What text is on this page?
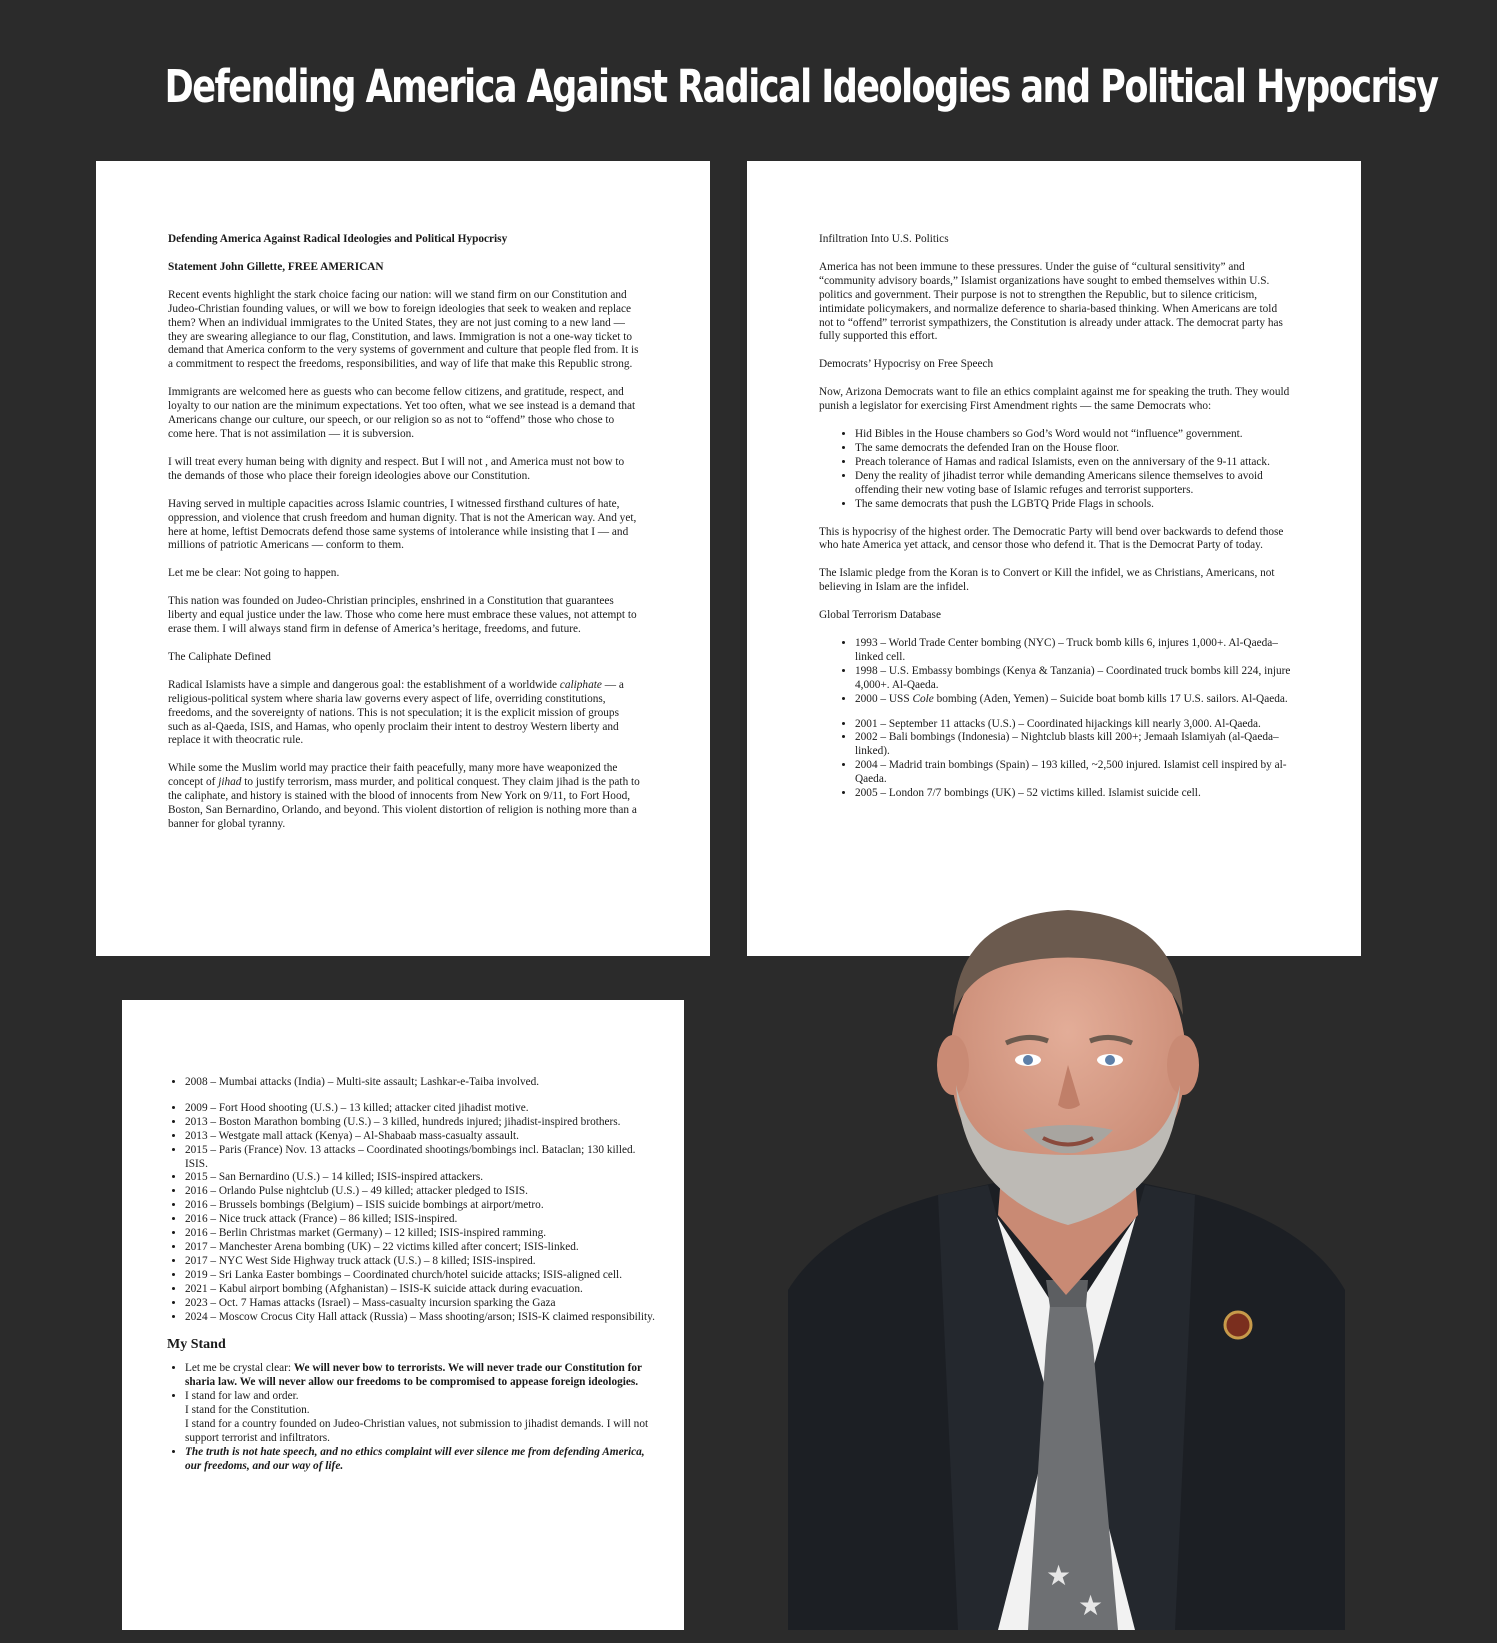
Defending America Against Radical Ideologies and Political Hypocrisy

Defending America Against Radical Ideologies and Political Hypocrisy

Statement John Gillette, FREE AMERICAN

Recent events highlight the stark choice facing our nation: will we stand firm on our Constitution and Judeo-Christian founding values, or will we bow to foreign ideologies that seek to weaken and replace them? When an individual immigrates to the United States, they are not just coming to a new land — they are swearing allegiance to our flag, Constitution, and laws. Immigration is not a one-way ticket to demand that America conform to the very systems of government and culture that people fled from. It is a commitment to respect the freedoms, responsibilities, and way of life that make this Republic strong.

Immigrants are welcomed here as guests who can become fellow citizens, and gratitude, respect, and loyalty to our nation are the minimum expectations. Yet too often, what we see instead is a demand that Americans change our culture, our speech, or our religion so as not to “offend” those who chose to come here. That is not assimilation — it is subversion.

I will treat every human being with dignity and respect. But I will not , and America must not bow to the demands of those who place their foreign ideologies above our Constitution.

Having served in multiple capacities across Islamic countries, I witnessed firsthand cultures of hate, oppression, and violence that crush freedom and human dignity. That is not the American way. And yet, here at home, leftist Democrats defend those same systems of intolerance while insisting that I — and millions of patriotic Americans — conform to them.

Let me be clear: Not going to happen.

This nation was founded on Judeo-Christian principles, enshrined in a Constitution that guarantees liberty and equal justice under the law. Those who come here must embrace these values, not attempt to erase them. I will always stand firm in defense of America’s heritage, freedoms, and future.

The Caliphate Defined

Radical Islamists have a simple and dangerous goal: the establishment of a worldwide caliphate — a religious-political system where sharia law governs every aspect of life, overriding constitutions, freedoms, and the sovereignty of nations. This is not speculation; it is the explicit mission of groups such as al-Qaeda, ISIS, and Hamas, who openly proclaim their intent to destroy Western liberty and replace it with theocratic rule.

While some the Muslim world may practice their faith peacefully, many more have weaponized the concept of jihad to justify terrorism, mass murder, and political conquest. They claim jihad is the path to the caliphate, and history is stained with the blood of innocents from New York on 9/11, to Fort Hood, Boston, San Bernardino, Orlando, and beyond. This violent distortion of religion is nothing more than a banner for global tyranny.

Infiltration Into U.S. Politics

America has not been immune to these pressures. Under the guise of “cultural sensitivity” and “community advisory boards,” Islamist organizations have sought to embed themselves within U.S. politics and government. Their purpose is not to strengthen the Republic, but to silence criticism, intimidate policymakers, and normalize deference to sharia-based thinking. When Americans are told not to “offend” terrorist sympathizers, the Constitution is already under attack. The democrat party has fully supported this effort.

Democrats’ Hypocrisy on Free Speech

Now, Arizona Democrats want to file an ethics complaint against me for speaking the truth. They would punish a legislator for exercising First Amendment rights — the same Democrats who:

• Hid Bibles in the House chambers so God’s Word would not “influence” government.
• The same democrats the defended Iran on the House floor.
• Preach tolerance of Hamas and radical Islamists, even on the anniversary of the 9-11 attack.
• Deny the reality of jihadist terror while demanding Americans silence themselves to avoid offending their new voting base of Islamic refuges and terrorist supporters.
• The same democrats that push the LGBTQ Pride Flags in schools.

This is hypocrisy of the highest order. The Democratic Party will bend over backwards to defend those who hate America yet attack, and censor those who defend it. That is the Democrat Party of today.

The Islamic pledge from the Koran is to Convert or Kill the infidel, we as Christians, Americans, not believing in Islam are the infidel.

Global Terrorism Database

• 1993 – World Trade Center bombing (NYC) – Truck bomb kills 6, injures 1,000+. Al-Qaeda–linked cell.
• 1998 – U.S. Embassy bombings (Kenya & Tanzania) – Coordinated truck bombs kill 224, injure 4,000+. Al-Qaeda.
• 2000 – USS Cole bombing (Aden, Yemen) – Suicide boat bomb kills 17 U.S. sailors. Al-Qaeda.
• 2001 – September 11 attacks (U.S.) – Coordinated hijackings kill nearly 3,000. Al-Qaeda.
• 2002 – Bali bombings (Indonesia) – Nightclub blasts kill 200+; Jemaah Islamiyah (al-Qaeda–linked).
• 2004 – Madrid train bombings (Spain) – 193 killed, ~2,500 injured. Islamist cell inspired by al-Qaeda.
• 2005 – London 7/7 bombings (UK) – 52 victims killed. Islamist suicide cell.
• 2008 – Mumbai attacks (India) – Multi-site assault; Lashkar-e-Taiba involved.
• 2009 – Fort Hood shooting (U.S.) – 13 killed; attacker cited jihadist motive.
• 2013 – Boston Marathon bombing (U.S.) – 3 killed, hundreds injured; jihadist-inspired brothers.
• 2013 – Westgate mall attack (Kenya) – Al-Shabaab mass-casualty assault.
• 2015 – Paris (France) Nov. 13 attacks – Coordinated shootings/bombings incl. Bataclan; 130 killed. ISIS.
• 2015 – San Bernardino (U.S.) – 14 killed; ISIS-inspired attackers.
• 2016 – Orlando Pulse nightclub (U.S.) – 49 killed; attacker pledged to ISIS.
• 2016 – Brussels bombings (Belgium) – ISIS suicide bombings at airport/metro.
• 2016 – Nice truck attack (France) – 86 killed; ISIS-inspired.
• 2016 – Berlin Christmas market (Germany) – 12 killed; ISIS-inspired ramming.
• 2017 – Manchester Arena bombing (UK) – 22 victims killed after concert; ISIS-linked.
• 2017 – NYC West Side Highway truck attack (U.S.) – 8 killed; ISIS-inspired.
• 2019 – Sri Lanka Easter bombings – Coordinated church/hotel suicide attacks; ISIS-aligned cell.
• 2021 – Kabul airport bombing (Afghanistan) – ISIS-K suicide attack during evacuation.
• 2023 – Oct. 7 Hamas attacks (Israel) – Mass-casualty incursion sparking the Gaza
• 2024 – Moscow Crocus City Hall attack (Russia) – Mass shooting/arson; ISIS-K claimed responsibility.
My Stand
• Let me be crystal clear: We will never bow to terrorists. We will never trade our Constitution for sharia law. We will never allow our freedoms to be compromised to appease foreign ideologies.
• I stand for law and order.
I stand for the Constitution.
I stand for a country founded on Judeo-Christian values, not submission to jihadist demands. I will not support terrorist and infiltrators.
• The truth is not hate speech, and no ethics complaint will ever silence me from defending America, our freedoms, and our way of life.
★
★
